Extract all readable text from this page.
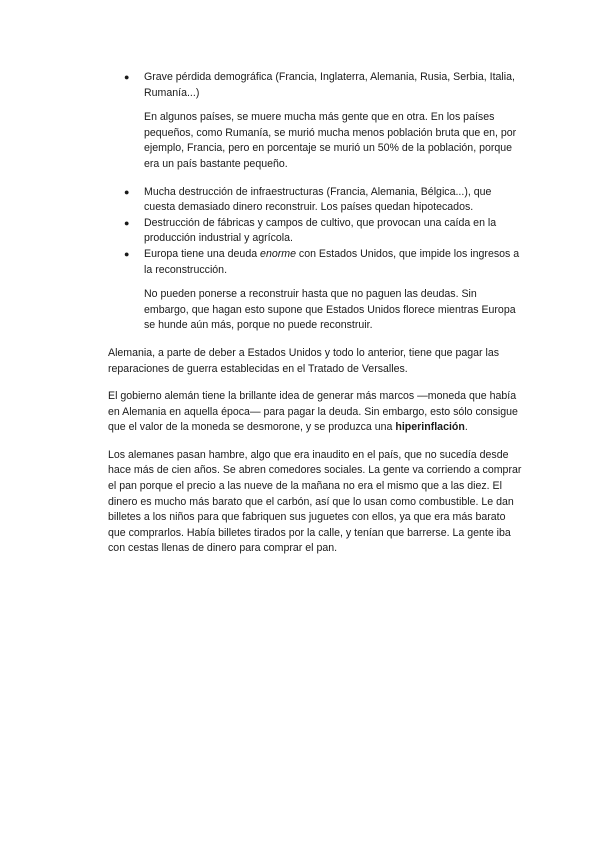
● Grave pérdida demográfica (Francia, Inglaterra, Alemania, Rusia, Serbia, Italia, Rumanía...)

En algunos países, se muere mucha más gente que en otra. En los países pequeños, como Rumanía, se murió mucha menos población bruta que en, por ejemplo, Francia, pero en porcentaje se murió un 50% de la población, porque era un país bastante pequeño.

● Mucha destrucción de infraestructuras (Francia, Alemania, Bélgica...), que cuesta demasiado dinero reconstruir. Los países quedan hipotecados.

● Destrucción de fábricas y campos de cultivo, que provocan una caída en la producción industrial y agrícola.

● Europa tiene una deuda enorme con Estados Unidos, que impide los ingresos a la reconstrucción.

No pueden ponerse a reconstruir hasta que no paguen las deudas. Sin embargo, que hagan esto supone que Estados Unidos florece mientras Europa se hunde aún más, porque no puede reconstruir.

Alemania, a parte de deber a Estados Unidos y todo lo anterior, tiene que pagar las reparaciones de guerra establecidas en el Tratado de Versalles.

El gobierno alemán tiene la brillante idea de generar más marcos —moneda que había en Alemania en aquella época— para pagar la deuda. Sin embargo, esto sólo consigue que el valor de la moneda se desmorone, y se produzca una hiperinflación.

Los alemanes pasan hambre, algo que era inaudito en el país, que no sucedía desde hace más de cien años. Se abren comedores sociales. La gente va corriendo a comprar el pan porque el precio a las nueve de la mañana no era el mismo que a las diez. El dinero es mucho más barato que el carbón, así que lo usan como combustible. Le dan billetes a los niños para que fabriquen sus juguetes con ellos, ya que era más barato que comprarlos. Había billetes tirados por la calle, y tenían que barrerse. La gente iba con cestas llenas de dinero para comprar el pan.
